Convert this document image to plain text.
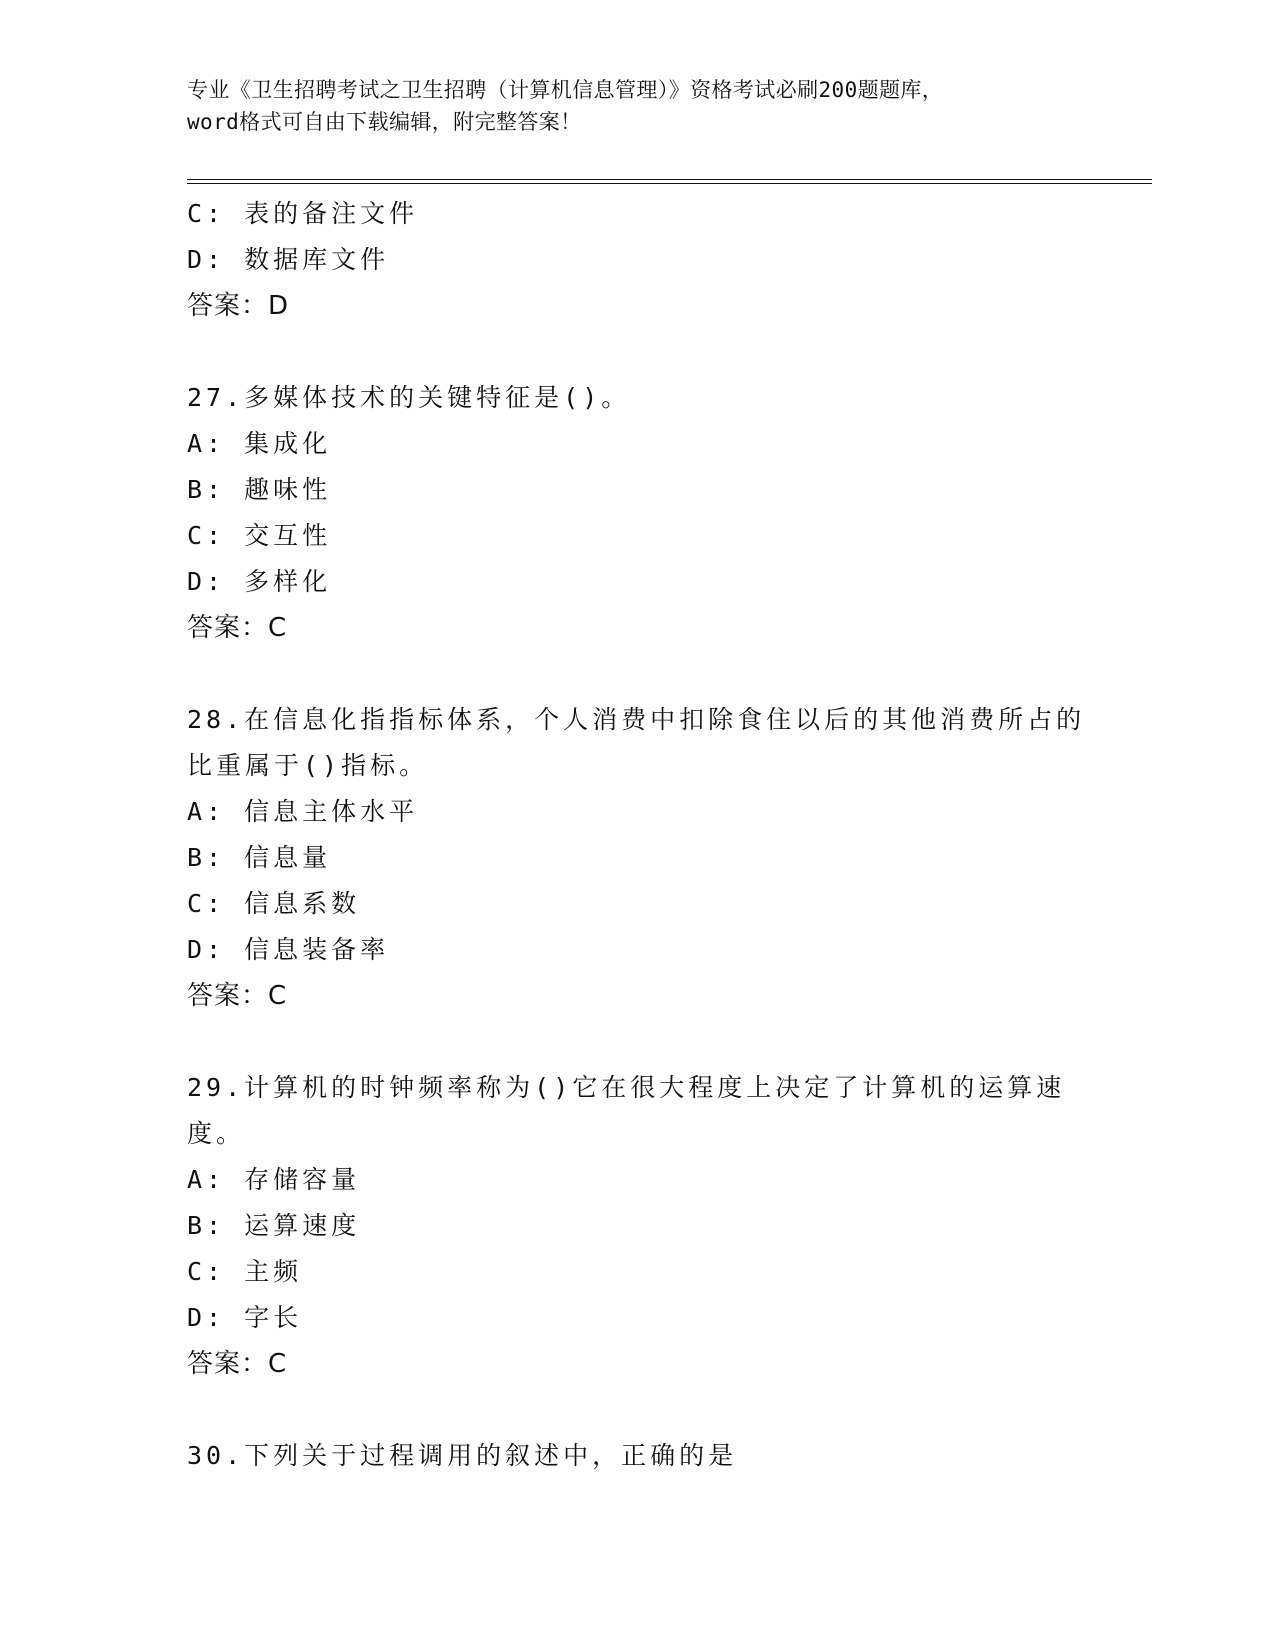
专业《卫生招聘考试之卫生招聘（计算机信息管理）》资格考试必刷200题题库，
word格式可自由下载编辑，附完整答案！
C: 表的备注文件
D: 数据库文件
答案：D
27.多媒体技术的关键特征是()。
A: 集成化
B: 趣味性
C: 交互性
D: 多样化
答案：C
28.在信息化指指标体系，个人消费中扣除食住以后的其他消费所占的比重属于()指标。
A: 信息主体水平
B: 信息量
C: 信息系数
D: 信息装备率
答案：C
29.计算机的时钟频率称为()它在很大程度上决定了计算机的运算速度。
A: 存储容量
B: 运算速度
C: 主频
D: 字长
答案：C
30.下列关于过程调用的叙述中，正确的是
